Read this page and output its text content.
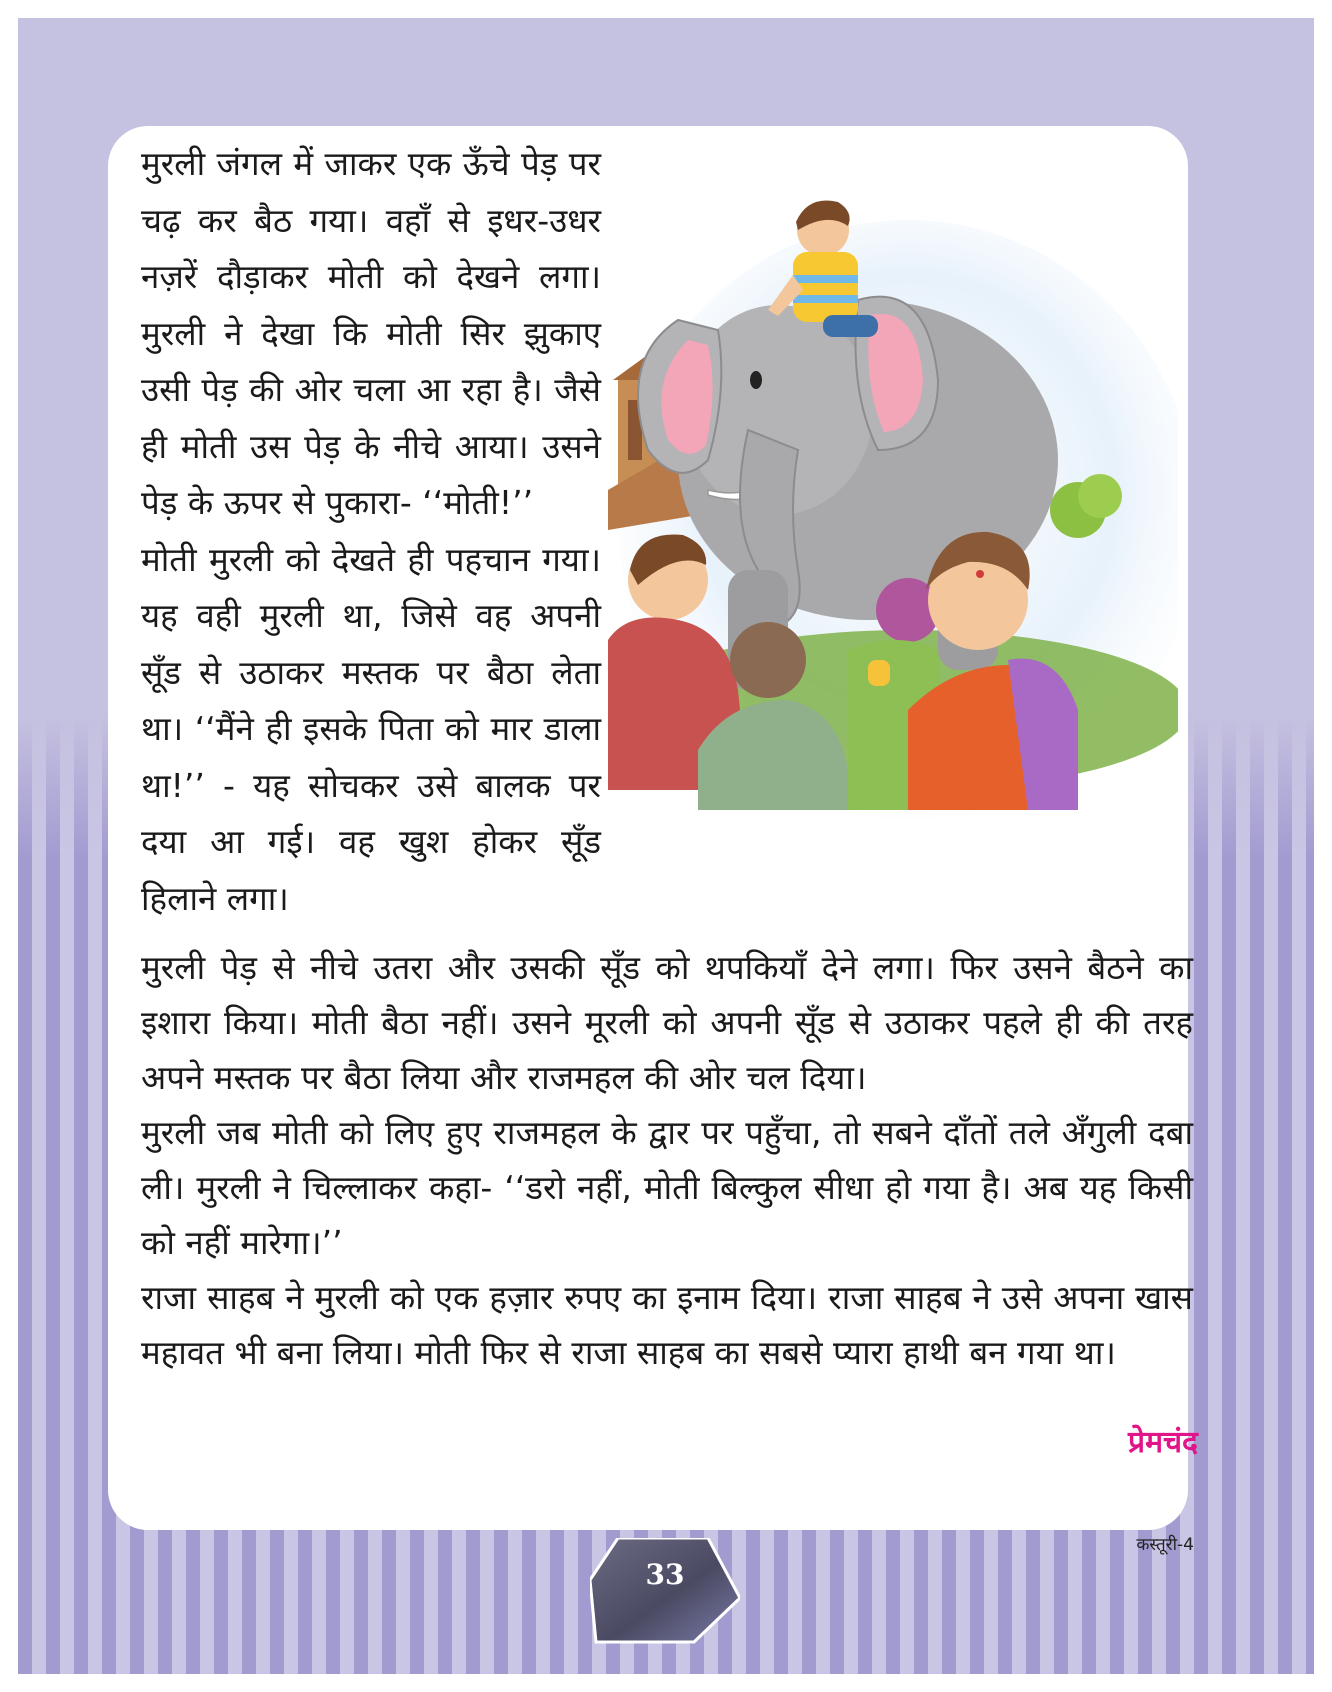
मुरली जंगल में जाकर एक ऊँचे पेड़ पर चढ़ कर बैठ गया। वहाँ से इधर-उधर नज़रें दौड़ाकर मोती को देखने लगा। मुरली ने देखा कि मोती सिर झुकाए उसी पेड़ की ओर चला आ रहा है। जैसे ही मोती उस पेड़ के नीचे आया। उसने पेड़ के ऊपर से पुकारा- ‘‘मोती!’’

मोती मुरली को देखते ही पहचान गया। यह वही मुरली था, जिसे वह अपनी सूँड से उठाकर मस्तक पर बैठा लेता था। ‘‘मैंने ही इसके पिता को मार डाला था!’’ - यह सोचकर उसे बालक पर दया आ गई। वह खुश होकर सूँड हिलाने लगा।

मुरली पेड़ से नीचे उतरा और उसकी सूँड को थपकियाँ देने लगा। फिर उसने बैठने का इशारा किया। मोती बैठा नहीं। उसने मूरली को अपनी सूँड से उठाकर पहले ही की तरह अपने मस्तक पर बैठा लिया और राजमहल की ओर चल दिया।

मुरली जब मोती को लिए हुए राजमहल के द्वार पर पहुँचा, तो सबने दाँतों तले अँगुली दबा ली। मुरली ने चिल्लाकर कहा- ‘‘डरो नहीं, मोती बिल्कुल सीधा हो गया है। अब यह किसी को नहीं मारेगा।’’

राजा साहब ने मुरली को एक हज़ार रुपए का इनाम दिया। राजा साहब ने उसे अपना खास महावत भी बना लिया। मोती फिर से राजा साहब का सबसे प्यारा हाथी बन गया था।

प्रेमचंद
33
कस्तूरी-4
